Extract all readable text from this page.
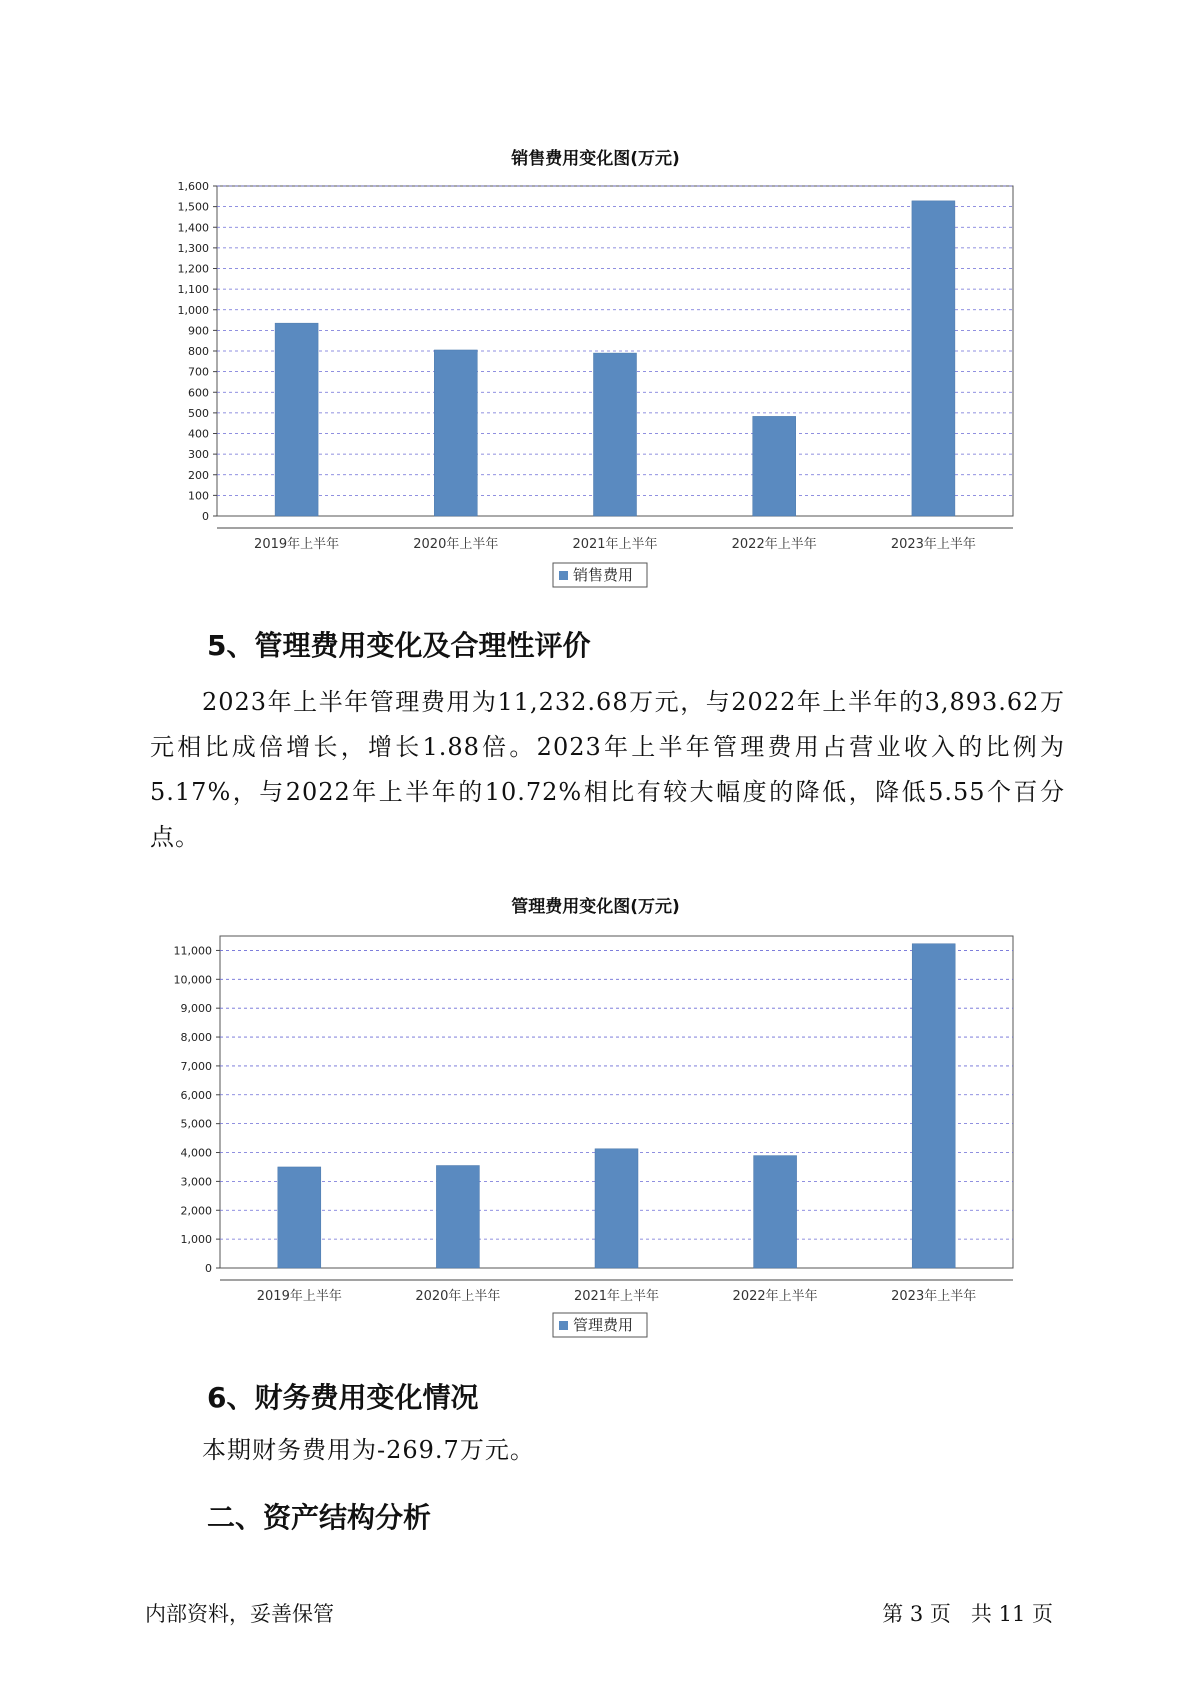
销售费用变化图(万元)
0
100
200
300
400
500
600
700
800
900
1,000
1,100
1,200
1,300
1,400
1,500
1,600
2019年上半年	2020年上半年	2021年上半年	2022年上半年	2023年上半年
销售费用
5、管理费用变化及合理性评价
2023年上半年管理费用为11,232.68万元，与2022年上半年的3,893.62万元相比成倍增长，增长1.88倍。2023年上半年管理费用占营业收入的比例为5.17%，与2022年上半年的10.72%相比有较大幅度的降低，降低5.55个百分点。
管理费用变化图(万元)
0
1,000
2,000
3,000
4,000
5,000
6,000
7,000
8,000
9,000
10,000
11,000
2019年上半年	2020年上半年	2021年上半年	2022年上半年	2023年上半年
管理费用
6、财务费用变化情况
本期财务费用为-269.7万元。
二、资产结构分析
内部资料，妥善保管	第 3 页   共 11 页
